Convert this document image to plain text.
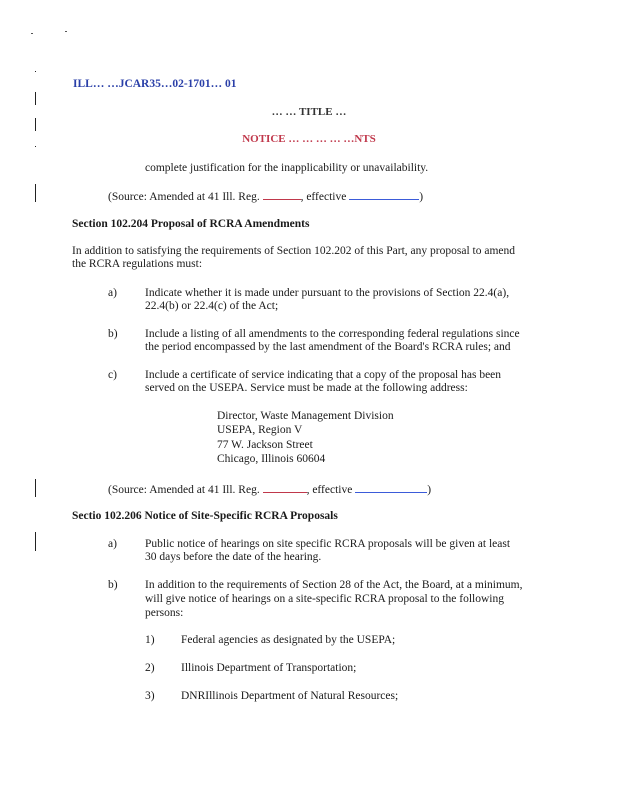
ILL… …JCAR35…02-1701… 01
… … TITLE …
NOTICE … … … … …NTS
complete justification for the inapplicability or unavailability.
(Source: Amended at 41 Ill. Reg.	, effective	)
Section 102.204 Proposal of RCRA Amendments
In addition to satisfying the requirements of Section 102.202 of this Part, any proposal to amend
the RCRA regulations must:
a) Indicate whether it is made under pursuant to the provisions of Section 22.4(a),
22.4(b) or 22.4(c) of the Act;
b) Include a listing of all amendments to the corresponding federal regulations since
the period encompassed by the last amendment of the Board's RCRA rules; and
c) Include a certificate of service indicating that a copy of the proposal has been
served on the USEPA. Service must be made at the following address:
Director, Waste Management Division
USEPA, Region V
77 W. Jackson Street
Chicago, Illinois 60604
(Source: Amended at 41 Ill. Reg.	, effective	)
Sectio 102.206 Notice of Site-Specific RCRA Proposals
a) Public notice of hearings on site specific RCRA proposals will be given at least
30 days before the date of the hearing.
b) In addition to the requirements of Section 28 of the Act, the Board, at a minimum,
will give notice of hearings on a site-specific RCRA proposal to the following
persons:
1) Federal agencies as designated by the USEPA;
2) Illinois Department of Transportation;
3) DNRIllinois Department of Natural Resources;
